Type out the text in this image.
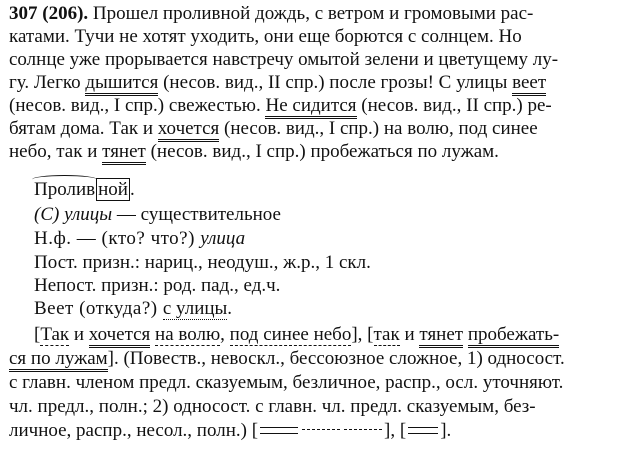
307 (206). Прошел проливной дождь, с ветром и громовыми рас-
катами. Тучи не хотят уходить, они еще борются с солнцем. Но
солнце уже прорывается навстречу омытой зелени и цветущему лу-
гу. Легко дышится (несов. вид., II спр.) после грозы! С улицы веет
(несов. вид., I спр.) свежестью. Не сидится (несов. вид., II спр.) ре-
бятам дома. Так и хочется (несов. вид., I спр.) на волю, под синее
небо, так и тянет (несов. вид., I спр.) пробежаться по лужам.
Пролив ной .
(С) улицы — существительное
Н.ф. — (кто? что?) улица
Пост. призн.: нариц., неодуш., ж.р., 1 скл.
Непост. призн.: род. пад., ед.ч.
Веет (откуда?) с улицы.
[Так и хочется на волю, под синее небо], [так и тянет пробежать-
ся по лужам]. (Повеств., невоскл., бессоюзное сложное, 1) односост.
с главн. членом предл. сказуемым, безличное, распр., осл. уточняют.
чл. предл., полн.; 2) односост. с главн. чл. предл. сказуемым, без-
личное, распр., несол., полн.) [	], [ ].
